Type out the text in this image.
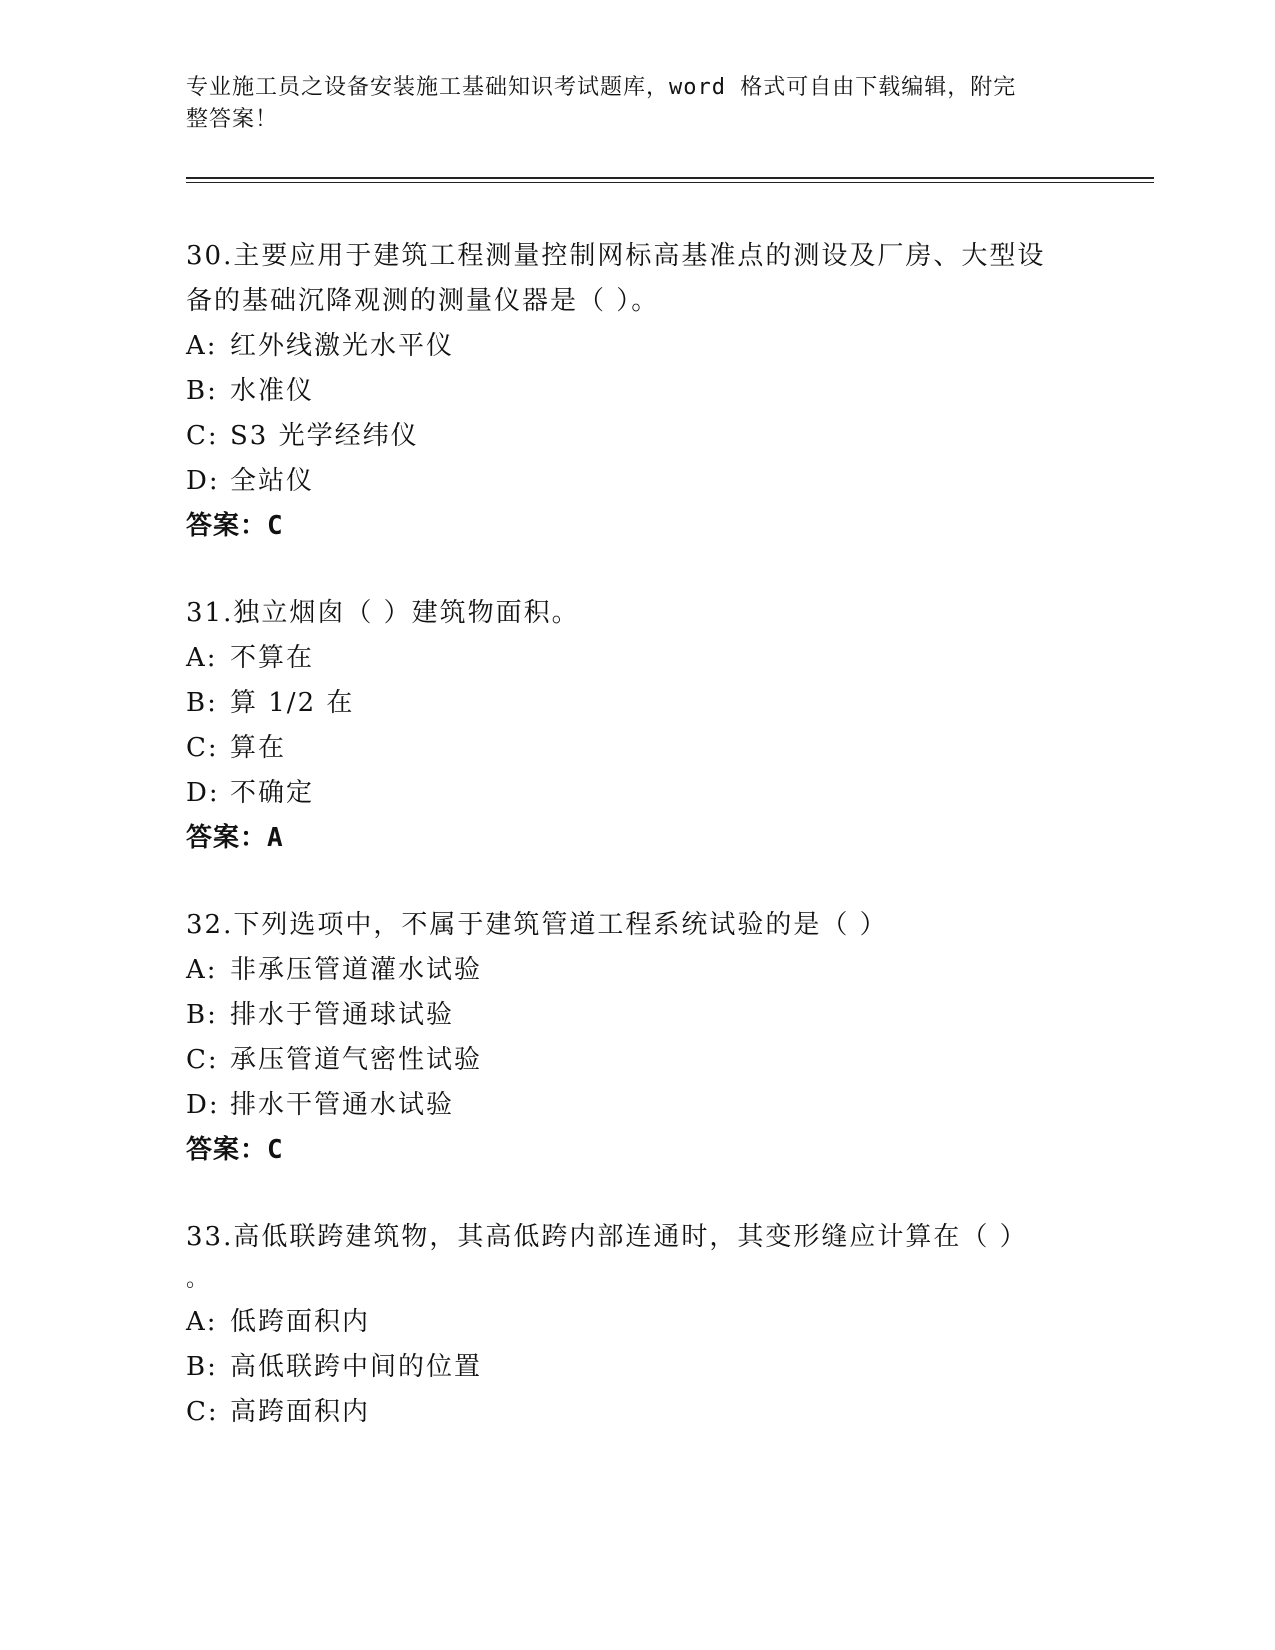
专业施工员之设备安装施工基础知识考试题库，word 格式可自由下载编辑，附完
整答案！

30.主要应用于建筑工程测量控制网标高基准点的测设及厂房、大型设

备的基础沉降观测的测量仪器是（ ）。

A: 红外线激光水平仪

B: 水准仪

C: S3 光学经纬仪

D: 全站仪

答案：C

31.独立烟囱（ ）建筑物面积。

A: 不算在

B: 算 1/2 在

C: 算在

D: 不确定

答案：A

32.下列选项中，不属于建筑管道工程系统试验的是（ ）

A: 非承压管道灌水试验

B: 排水于管通球试验

C: 承压管道气密性试验

D: 排水干管通水试验

答案：C

33.高低联跨建筑物，其高低跨内部连通时，其变形缝应计算在（ ）

。

A: 低跨面积内

B: 高低联跨中间的位置

C: 高跨面积内
